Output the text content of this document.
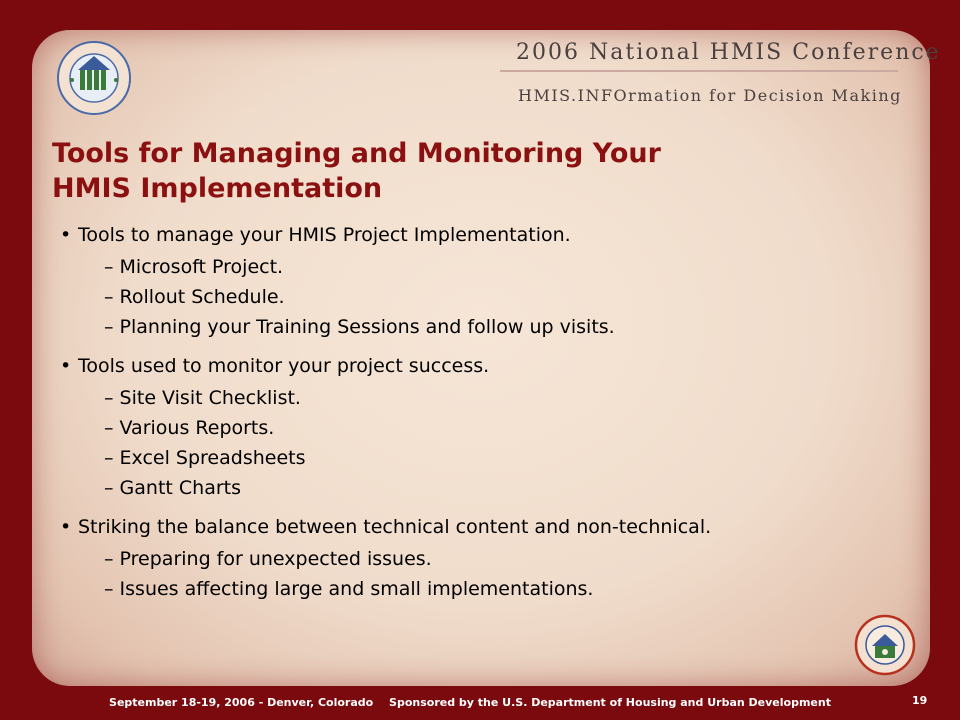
2006 National HMIS Conference
HMIS.INFOrmation for Decision Making
Tools for Managing and Monitoring Your
HMIS Implementation

• Tools to manage your HMIS Project Implementation.

– Microsoft Project.

– Rollout Schedule.

– Planning your Training Sessions and follow up visits.

• Tools used to monitor your project success.

– Site Visit Checklist.

– Various Reports.

– Excel Spreadsheets

– Gantt Charts

• Striking the balance between technical content and non-technical.

– Preparing for unexpected issues.

– Issues affecting large and small implementations.

September 18-19, 2006 - Denver, Colorado Sponsored by the U.S. Department of Housing and Urban Development	19
